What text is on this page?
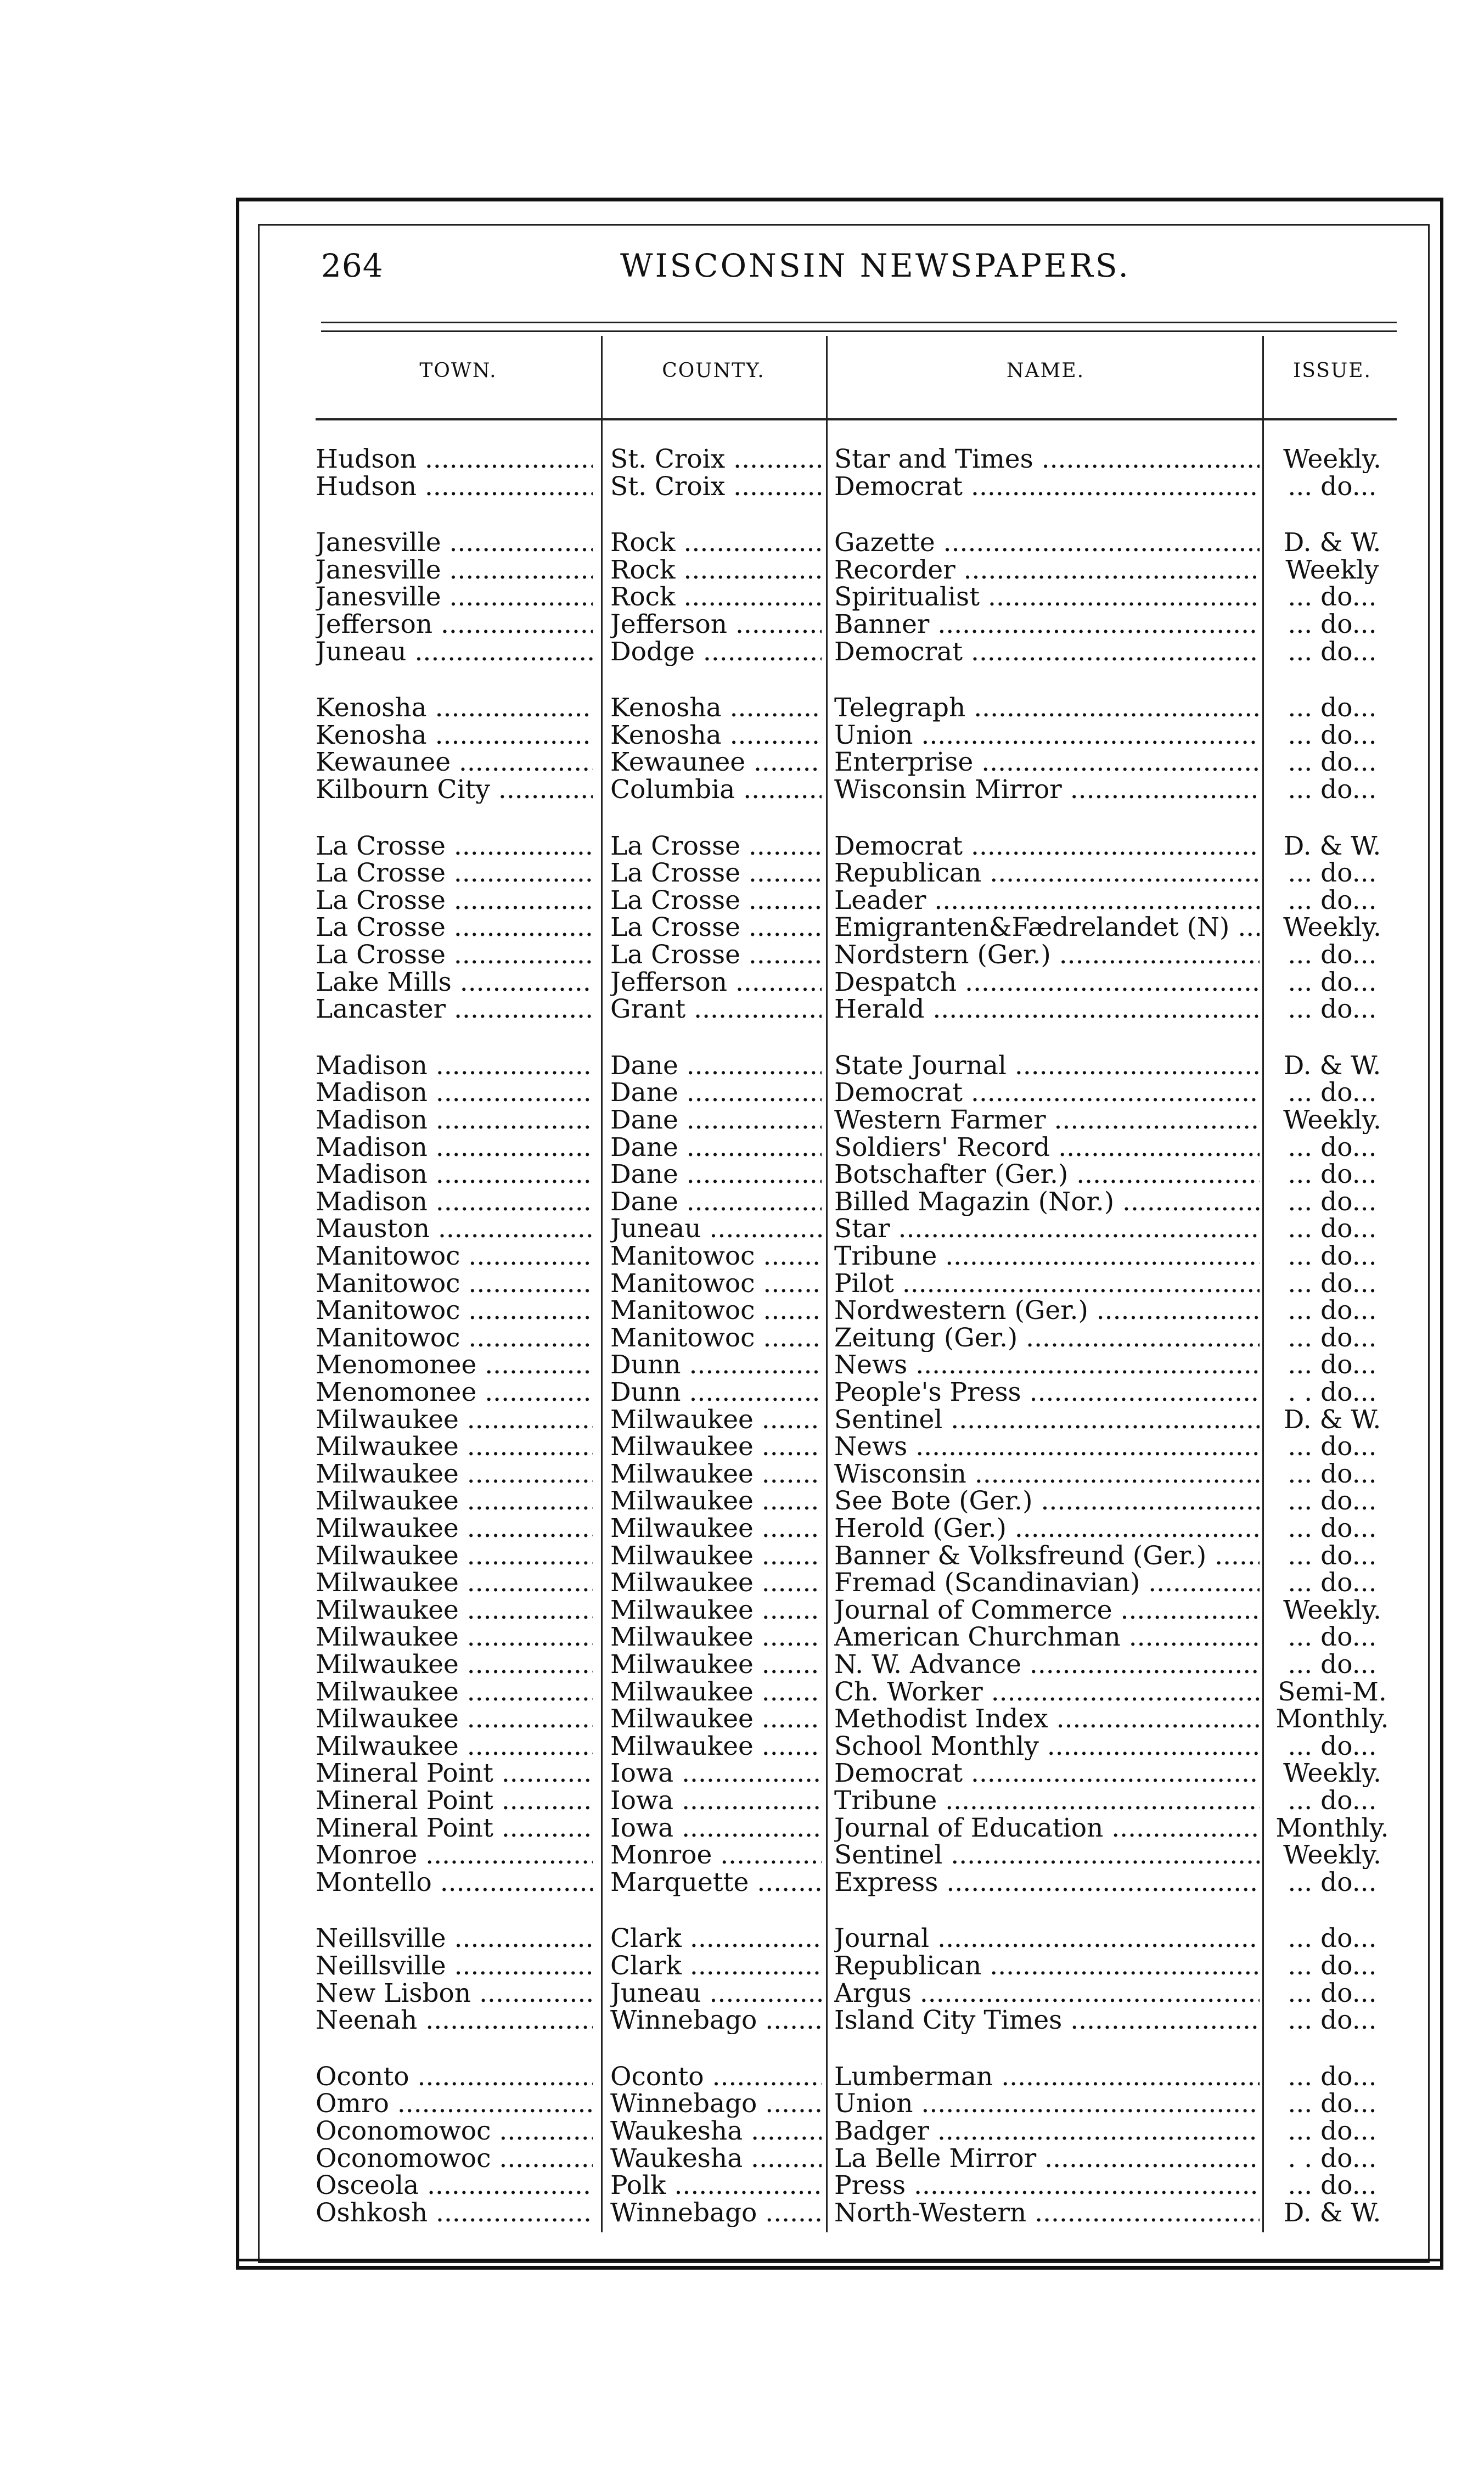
264	WISCONSIN NEWSPAPERS.
TOWN.	COUNTY.	NAME.	ISSUE.
Hudson .....	St. Croix .....	Star and Times .....	Weekly.
Hudson .....	St. Croix .....	Democrat .....	... do...
Janesville .....	Rock .....	Gazette .....	D. & W.
Janesville .....	Rock .....	Recorder .....	Weekly
Janesville .....	Rock .....	Spiritualist .....	... do...
Jefferson .....	Jefferson .....	Banner .....	... do...
Juneau .....	Dodge .....	Democrat .....	... do...
Kenosha .....	Kenosha .....	Telegraph .....	... do...
Kenosha .....	Kenosha .....	Union .....	... do...
Kewaunee .....	Kewaunee .....	Enterprise .....	... do...
Kilbourn City .....	Columbia .....	Wisconsin Mirror .....	... do...
La Crosse .....	La Crosse .....	Democrat .....	D. & W.
La Crosse .....	La Crosse .....	Republican .....	... do...
La Crosse .....	La Crosse .....	Leader .....	... do...
La Crosse .....	La Crosse .....	Emigranten&Fædrelandet (N) .....	Weekly.
La Crosse .....	La Crosse .....	Nordstern (Ger.) .....	... do...
Lake Mills .....	Jefferson .....	Despatch .....	... do...
Lancaster .....	Grant .....	Herald .....	... do...
Madison .....	Dane .....	State Journal .....	D. & W.
Madison .....	Dane .....	Democrat .....	... do...
Madison .....	Dane .....	Western Farmer .....	Weekly.
Madison .....	Dane .....	Soldiers' Record .....	... do...
Madison .....	Dane .....	Botschafter (Ger.) .....	... do...
Madison .....	Dane .....	Billed Magazin (Nor.) .....	... do...
Mauston .....	Juneau .....	Star .....	... do...
Manitowoc .....	Manitowoc .....	Tribune .....	... do...
Manitowoc .....	Manitowoc .....	Pilot .....	... do...
Manitowoc .....	Manitowoc .....	Nordwestern (Ger.) .....	... do...
Manitowoc .....	Manitowoc .....	Zeitung (Ger.) .....	... do...
Menomonee .....	Dunn .....	News .....	... do...
Menomonee .....	Dunn .....	People's Press .....	. . do...
Milwaukee .....	Milwaukee .....	Sentinel .....	D. & W.
Milwaukee .....	Milwaukee .....	News .....	... do...
Milwaukee .....	Milwaukee .....	Wisconsin .....	... do...
Milwaukee .....	Milwaukee .....	See Bote (Ger.) .....	... do...
Milwaukee .....	Milwaukee .....	Herold (Ger.) .....	... do...
Milwaukee .....	Milwaukee .....	Banner & Volksfreund (Ger.) .....	... do...
Milwaukee .....	Milwaukee .....	Fremad (Scandinavian) .....	... do...
Milwaukee .....	Milwaukee .....	Journal of Commerce .....	Weekly.
Milwaukee .....	Milwaukee .....	American Churchman .....	... do...
Milwaukee .....	Milwaukee .....	N. W. Advance .....	... do...
Milwaukee .....	Milwaukee .....	Ch. Worker .....	Semi-M.
Milwaukee .....	Milwaukee .....	Methodist Index .....	Monthly.
Milwaukee .....	Milwaukee .....	School Monthly .....	... do...
Mineral Point .....	Iowa .....	Democrat .....	Weekly.
Mineral Point .....	Iowa .....	Tribune .....	... do...
Mineral Point .....	Iowa .....	Journal of Education .....	Monthly.
Monroe .....	Monroe .....	Sentinel .....	Weekly.
Montello .....	Marquette .....	Express .....	... do...
Neillsville .....	Clark .....	Journal .....	... do...
Neillsville .....	Clark .....	Republican .....	... do...
New Lisbon .....	Juneau .....	Argus .....	... do...
Neenah .....	Winnebago .....	Island City Times .....	... do...
Oconto .....	Oconto .....	Lumberman .....	... do...
Omro .....	Winnebago .....	Union .....	... do...
Oconomowoc .....	Waukesha .....	Badger .....	... do...
Oconomowoc .....	Waukesha .....	La Belle Mirror .....	. . do...
Osceola .....	Polk .....	Press .....	... do...
Oshkosh .....	Winnebago .....	North-Western .....	D. & W.
